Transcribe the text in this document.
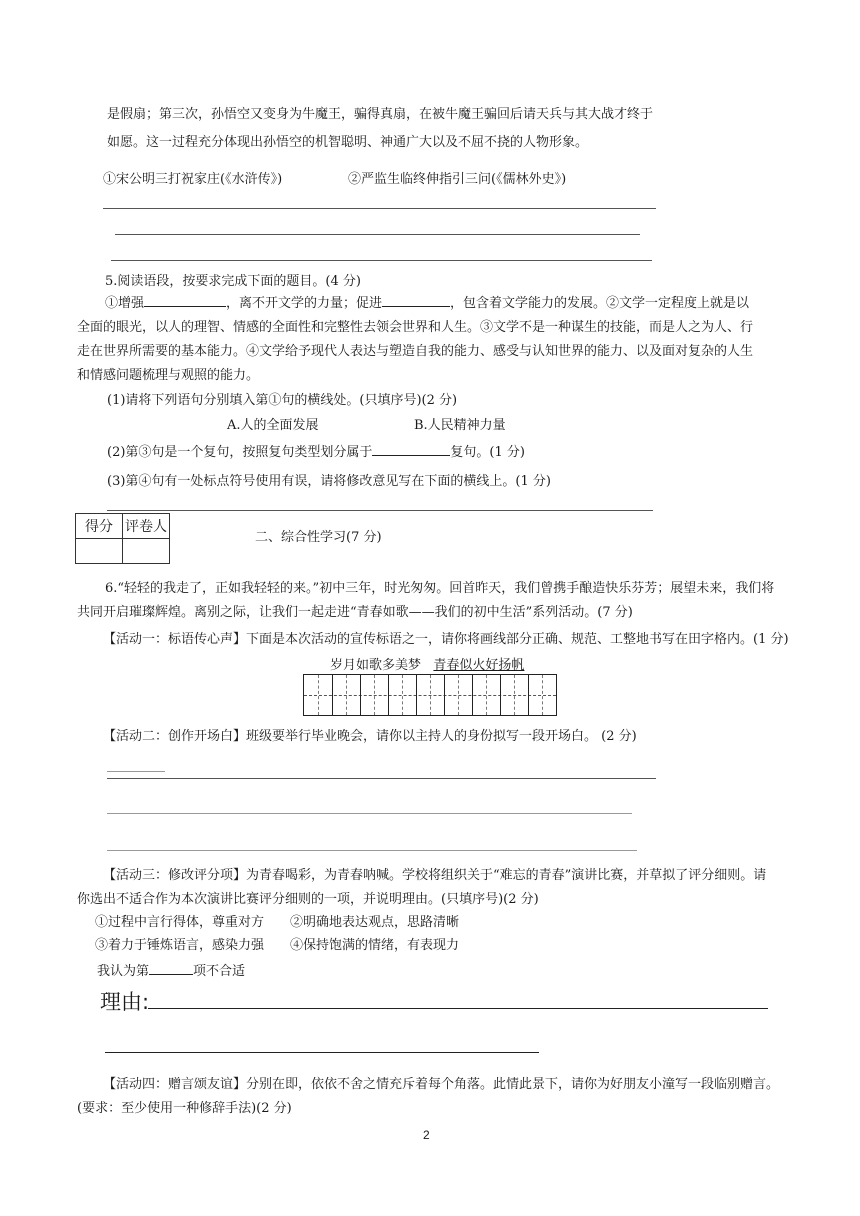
是假扇；第三次，孙悟空又变身为牛魔王，骗得真扇，在被牛魔王骗回后请天兵与其大战才终于
如愿。这一过程充分体现出孙悟空的机智聪明、神通广大以及不屈不挠的人物形象。
①宋公明三打祝家庄(《水浒传》)	②严监生临终伸指引三问(《儒林外史》)
5.阅读语段，按要求完成下面的题目。(4 分)
①增强	，离不开文学的力量；促进	，包含着文学能力的发展。②文学一定程度上就是以
全面的眼光，以人的理智、情感的全面性和完整性去领会世界和人生。③文学不是一种谋生的技能，而是人之为人、行
走在世界所需要的基本能力。④文学给予现代人表达与塑造自我的能力、感受与认知世界的能力、以及面对复杂的人生
和情感问题梳理与观照的能力。
(1)请将下列语句分别填入第①句的横线处。(只填序号)(2 分)
A.人的全面发展	B.人民精神力量
(2)第③句是一个复句，按照复句类型划分属于	复句。(1 分)
(3)第④句有一处标点符号使用有误，请将修改意见写在下面的横线上。(1 分)
得分	评卷人

二、综合性学习(7 分)
6.“轻轻的我走了，正如我轻轻的来。”初中三年，时光匆匆。回首昨天，我们曾携手酿造快乐芬芳；展望未来，我们将
共同开启璀璨辉煌。离别之际，让我们一起走进“青春如歌——我们的初中生活”系列活动。(7 分)
【活动一：标语传心声】下面是本次活动的宣传标语之一，请你将画线部分正确、规范、工整地书写在田字格内。(1 分)
岁月如歌多美梦 青春似火好扬帆
【活动二：创作开场白】班级要举行毕业晚会，请你以主持人的身份拟写一段开场白。 (2 分)
【活动三：修改评分项】为青春喝彩，为青春呐喊。学校将组织关于“难忘的青春”演讲比赛，并草拟了评分细则。请
你选出不适合作为本次演讲比赛评分细则的一项，并说明理由。(只填序号)(2 分)
①过程中言行得体，尊重对方 ②明确地表达观点，思路清晰
③着力于锤炼语言，感染力强 ④保持饱满的情绪，有表现力
我认为第	项不合适
理由:
【活动四：赠言颂友谊】分别在即，依依不舍之情充斥着每个角落。此情此景下，请你为好朋友小潼写一段临别赠言。
(要求：至少使用一种修辞手法)(2 分)
2
